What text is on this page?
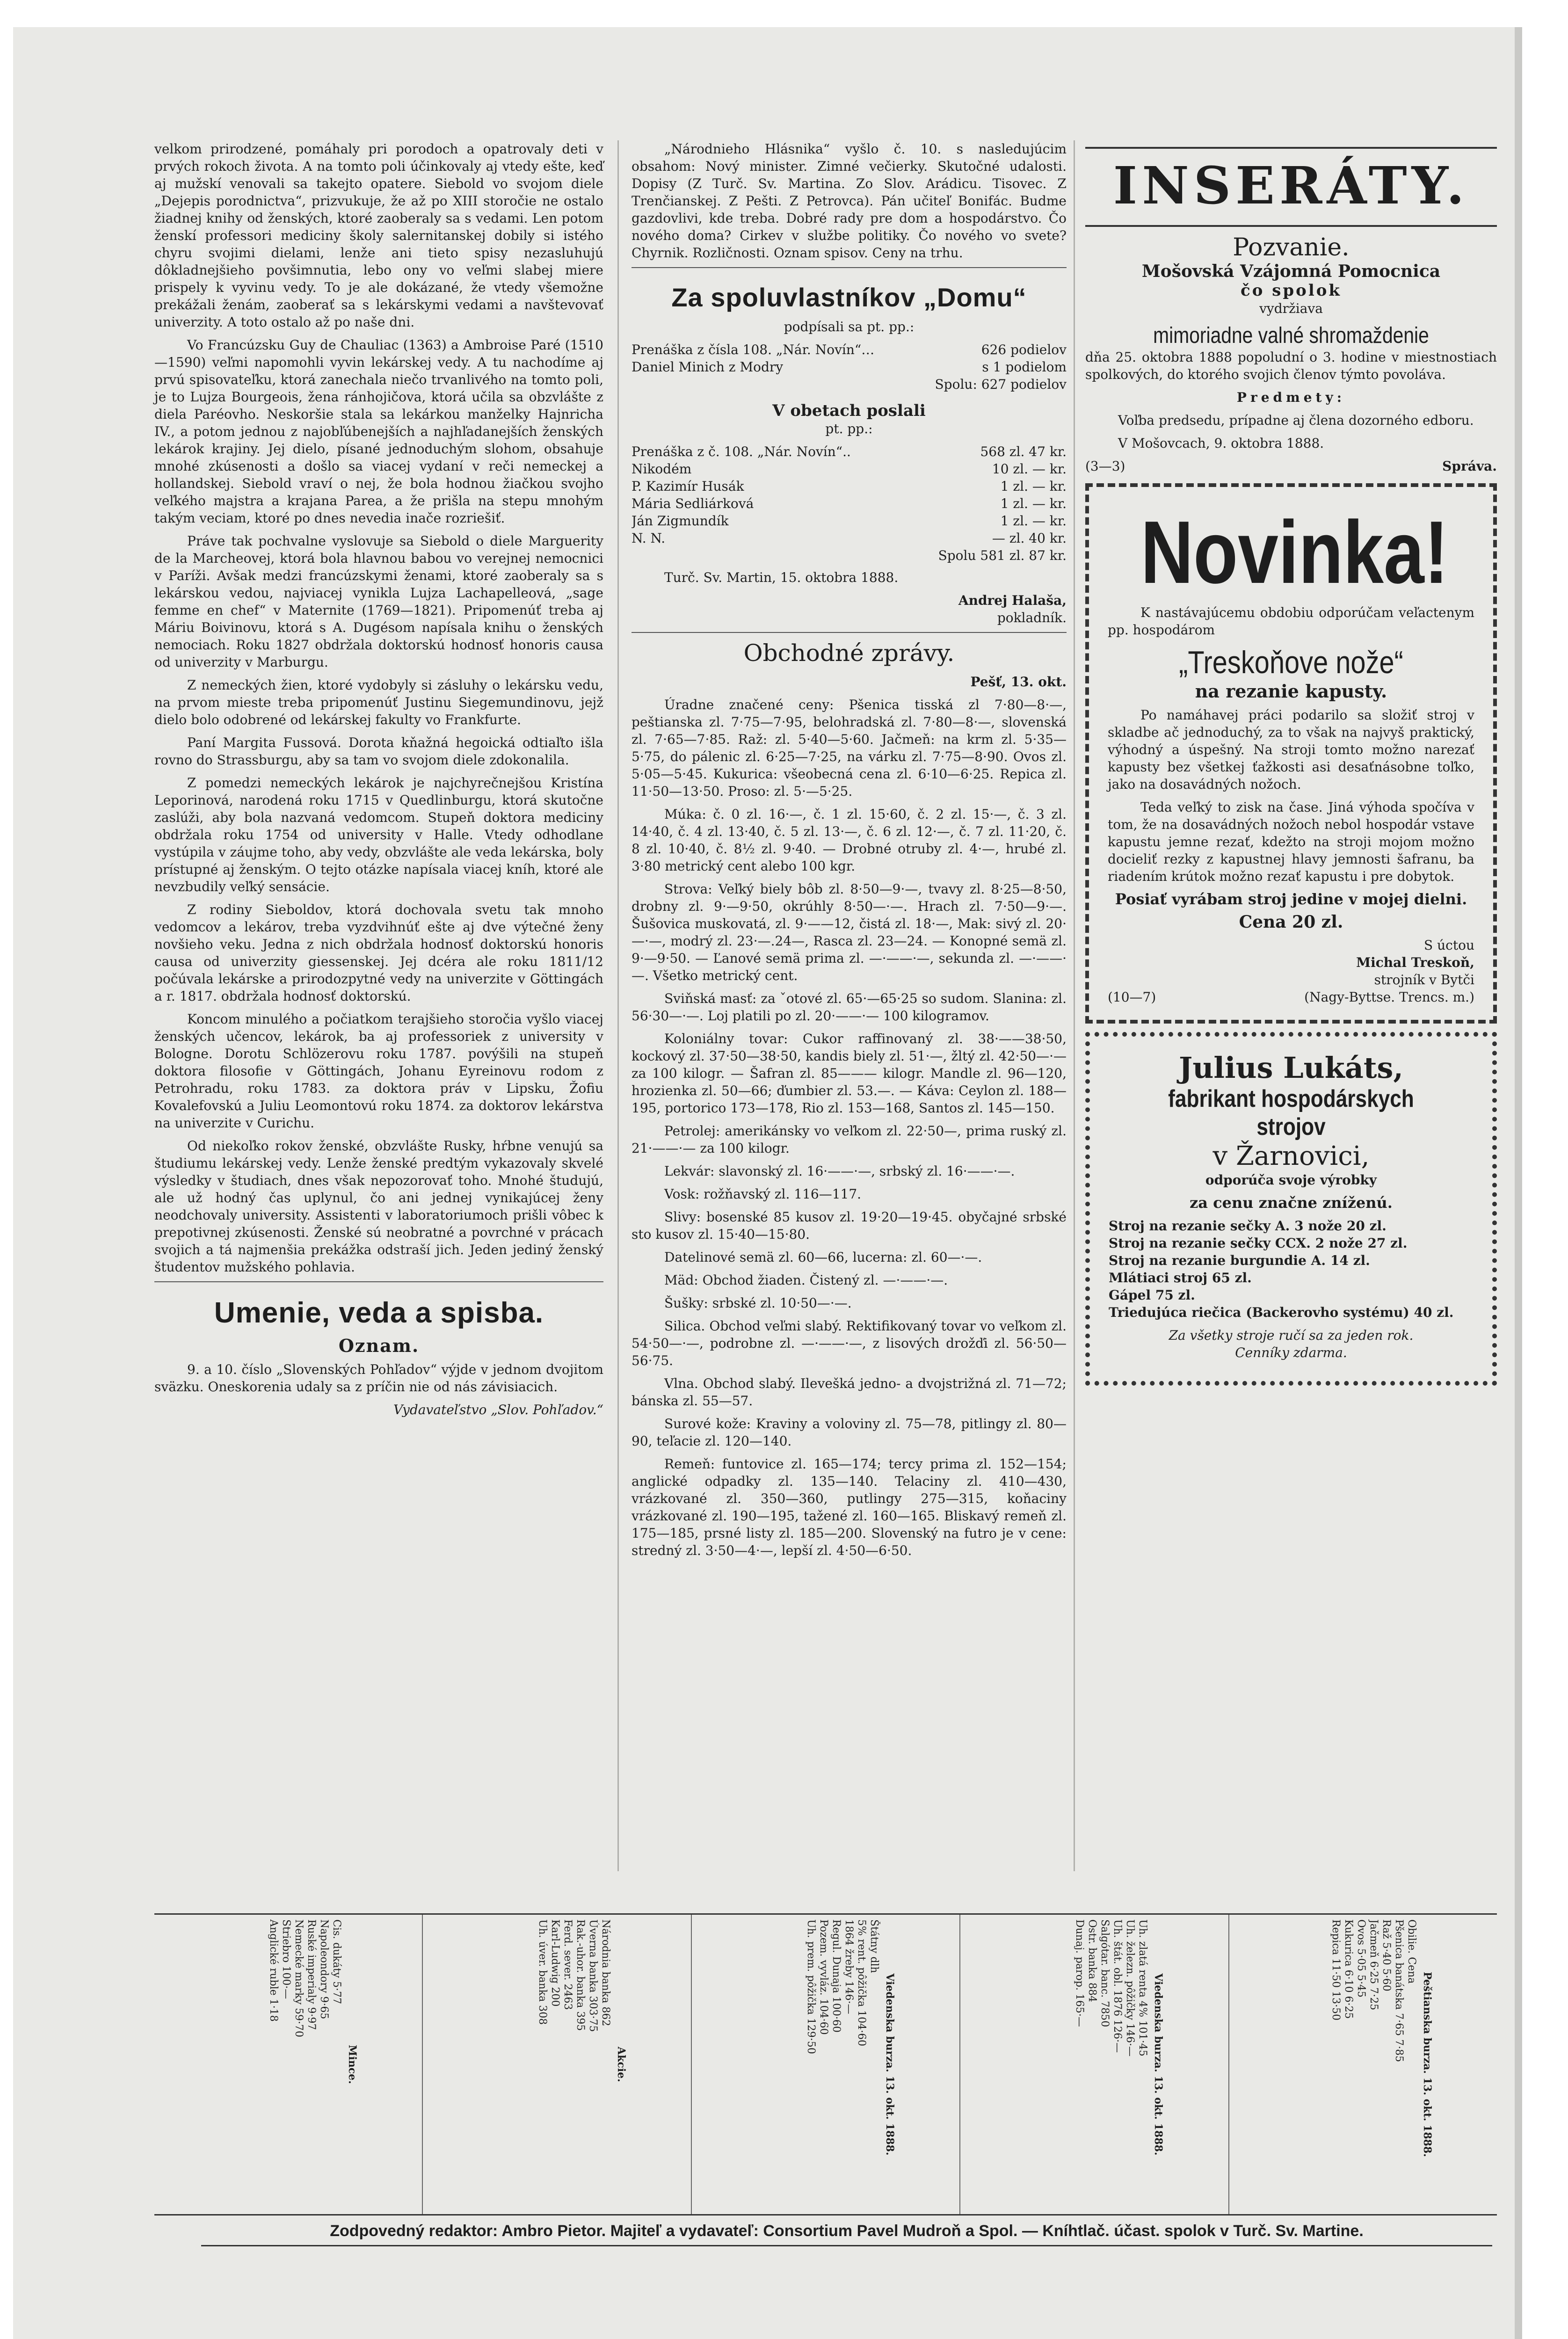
velkom prirodzené, pomáhaly pri porodoch a opatrovaly deti v prvých rokoch života. A na tomto poli účinkovaly aj vtedy ešte, keď aj mužskí venovali sa takejto opatere. Siebold vo svojom diele „Dejepis porodnictva“, prizvukuje, že až po XIII storočie ne ostalo žiadnej knihy od ženských, ktoré zaoberaly sa s vedami. Len potom ženskí professori mediciny školy salernitanskej dobily si istého chyru svojimi dielami, lenže ani tieto spisy nezasluhujú dôkladnejšieho povšimnutia, lebo ony vo veľmi slabej miere prispely k vyvinu vedy. To je ale dokázané, že vtedy všemožne prekážali ženám, zaoberať sa s lekárskymi vedami a navštevovať univerzity. A toto ostalo až po naše dni.

Vo Francúzsku Guy de Chauliac (1363) a Ambroise Paré (1510—1590) veľmi napomohli vyvin lekárskej vedy. A tu nachodíme aj prvú spisovateľku, ktorá zanechala niečo trvanlivého na tomto poli, je to Lujza Bourgeois, žena ránhojičova, ktorá učila sa obzvlášte z diela Paréovho. Neskoršie stala sa lekárkou manželky Hajnricha IV., a potom jednou z najobľúbenejších a najhľadanejších ženských lekárok krajiny. Jej dielo, písané jednoduchým slohom, obsahuje mnohé zkúsenosti a došlo sa viacej vydaní v reči nemeckej a hollandskej. Siebold vraví o nej, že bola hodnou žiačkou svojho veľkého majstra a krajana Parea, a že prišla na stepu mnohým takým veciam, ktoré po dnes nevedia inače rozriešiť.

Práve tak pochvalne vyslovuje sa Siebold o diele Marguerity de la Marcheovej, ktorá bola hlavnou babou vo verejnej nemocnici v Paríži. Avšak medzi francúzskymi ženami, ktoré zaoberaly sa s lekárskou vedou, najviacej vynikla Lujza Lachapelleová, „sage femme en chef“ v Maternite (1769—1821). Pripomenúť treba aj Máriu Boivinovu, ktorá s A. Dugésom napísala knihu o ženských nemociach. Roku 1827 obdržala doktorskú hodnosť honoris causa od univerzity v Marburgu.

Z nemeckých žien, ktoré vydobyly si zásluhy o lekársku vedu, na prvom mieste treba pripomenúť Justinu Siegemundinovu, jejž dielo bolo odobrené od lekárskej fakulty vo Frankfurte.

Paní Margita Fussová. Dorota kňažná hegoická odtiaľto išla rovno do Strassburgu, aby sa tam vo svojom diele zdokonalila.

Z pomedzi nemeckých lekárok je najchyrečnejšou Kristína Leporinová, narodená roku 1715 v Quedlinburgu, ktorá skutočne zaslúži, aby bola nazvaná vedomcom. Stupeň doktora mediciny obdržala roku 1754 od university v Halle. Vtedy odhodlane vystúpila v záujme toho, aby vedy, obzvlášte ale veda lekárska, boly prístupné aj ženským. O tejto otázke napísala viacej kníh, ktoré ale nevzbudily veľký sensácie.

Z rodiny Sieboldov, ktorá dochovala svetu tak mnoho vedomcov a lekárov, treba vyzdvihnúť ešte aj dve výtečné ženy novšieho veku. Jedna z nich obdržala hodnosť doktorskú honoris causa od univerzity giessenskej. Jej dcéra ale roku 1811/12 počúvala lekárske a prirodozpytné vedy na univerzite v Göttingách a r. 1817. obdržala hodnosť doktorskú.

Koncom minulého a počiatkom terajšieho storočia vyšlo viacej ženských učencov, lekárok, ba aj professoriek z university v Bologne. Dorotu Schlözerovu roku 1787. povýšili na stupeň doktora filosofie v Göttingách, Johanu Eyreinovu rodom z Petrohradu, roku 1783. za doktora práv v Lipsku, Žofiu Kovalefovskú a Juliu Leomontovú roku 1874. za doktorov lekárstva na univerzite v Curichu.

Od niekoľko rokov ženské, obzvlášte Rusky, hŕbne venujú sa študiumu lekárskej vedy. Lenže ženské predtým vykazovaly skvelé výsledky v študiach, dnes však nepozorovať toho. Mnohé študujú, ale už hodný čas uplynul, čo ani jednej vynikajúcej ženy neodchovaly university. Assistenti v laboratoriumoch prišli vôbec k prepotivnej zkúsenosti. Ženské sú neobratné a povrchné v prácach svojich a tá najmenšia prekážka odstraší jich. Jeden jediný ženský študentov mužského pohlavia.

Umenie, veda a spisba.
Oznam.

9. a 10. číslo „Slovenských Pohľadov“ výjde v jednom dvojitom sväzku. Oneskorenia udaly sa z príčin nie od nás závisiacich.

Vydavateľstvo „Slov. Pohľadov.“

„Národnieho Hlásnika“ vyšlo č. 10. s nasledujúcim obsahom: Nový minister. Zimné večierky. Skutočné udalosti. Dopisy (Z Turč. Sv. Martina. Zo Slov. Arádicu. Tisovec. Z Trenčianskej. Z Pešti. Z Petrovca). Pán učiteľ Bonifác. Budme gazdovlivi, kde treba. Dobré rady pre dom a hospodárstvo. Čo nového doma? Cirkev v službe politiky. Čo nového vo svete? Chyrnik. Rozličnosti. Oznam spisov. Ceny na trhu.

Za spoluvlastníkov „Domu“

podpísali sa pt. pp.:

Prenáška z čísla 108. „Nár. Novín“…	626 podielov
Daniel Minich z Modry	s 1 podielom
Spolu: 627 podielov
V obetach poslali

pt. pp.:

Prenáška z č. 108. „Nár. Novín“..	568 zl. 47 kr.
Nikodém	10 zl. — kr.
P. Kazimír Husák	1 zl. — kr.
Mária Sedliárková	1 zl. — kr.
Ján Zigmundík	1 zl. — kr.
N. N.	— zl. 40 kr.
Spolu 581 zl. 87 kr.

Turč. Sv. Martin, 15. oktobra 1888.

Andrej Halaša,

pokladník.

Obchodné zprávy.

Pešť, 13. okt.

Úradne značené ceny: Pšenica tisská zl 7·80—8·—, peštianska zl. 7·75—7·95, belohradská zl. 7·80—8·—, slovenská zl. 7·65—7·85. Raž: zl. 5·40—5·60. Jačmeň: na krm zl. 5·35—5·75, do pálenic zl. 6·25—7·25, na várku zl. 7·75—8·90. Ovos zl. 5·05—5·45. Kukurica: všeobecná cena zl. 6·10—6·25. Repica zl. 11·50—13·50. Proso: zl. 5·—5·25.

Múka: č. 0 zl. 16·—, č. 1 zl. 15·60, č. 2 zl. 15·—, č. 3 zl. 14·40, č. 4 zl. 13·40, č. 5 zl. 13·—, č. 6 zl. 12·—, č. 7 zl. 11·20, č. 8 zl. 10·40, č. 8½ zl. 9·40. — Drobné otruby zl. 4·—, hrubé zl. 3·80 metrický cent alebo 100 kgr.

Strova: Veľký biely bôb zl. 8·50—9·—, tvavy zl. 8·25—8·50, drobny zl. 9·—9·50, okrúhly 8·50—·—. Hrach zl. 7·50—9·—. Šušovica muskovatá, zl. 9·——12, čistá zl. 18·—, Mak: sivý zl. 20·—·—, modrý zl. 23·—.24—, Rasca zl. 23—24. — Konopné semä zl. 9·—9·50. — Ľanové semä prima zl. —·——·—, sekunda zl. —·——·—. Všetko metrický cent.

Sviňská masť: za ˇotové zl. 65·—65·25 so sudom. Slanina: zl. 56·30—·—. Loj platili po zl. 20·——·— 100 kilogramov.

Koloniálny tovar: Cukor raffinovaný zl. 38·——38·50, kockový zl. 37·50—38·50, kandis biely zl. 51·—, žltý zl. 42·50—·— za 100 kilogr. — Šafran zl. 85——— kilogr. Mandle zl. 96—120, hrozienka zl. 50—66; ďumbier zl. 53.—. — Káva: Ceylon zl. 188—195, portorico 173—178, Rio zl. 153—168, Santos zl. 145—150.

Petrolej: amerikánsky vo veľkom zl. 22·50—, prima ruský zl. 21·——·— za 100 kilogr.

Lekvár: slavonský zl. 16·——·—, srbský zl. 16·——·—.

Vosk: rožňavský zl. 116—117.

Slivy: bosenské 85 kusov zl. 19·20—19·45. obyčajné srbské sto kusov zl. 15·40—15·80.

Datelinové semä zl. 60—66, lucerna: zl. 60—·—.

Mäd: Obchod žiaden. Čistený zl. —·——·—.

Šušky: srbské zl. 10·50—·—.

Silica. Obchod veľmi slabý. Rektifikovaný tovar vo veľkom zl. 54·50—·—, podrobne zl. —·——·—, z lisových drožďi zl. 56·50—56·75.

Vlna. Obchod slabý. Ilevešká jedno- a dvojstrižná zl. 71—72; bánska zl. 55—57.

Surové kože: Kraviny a voloviny zl. 75—78, pitlingy zl. 80—90, teľacie zl. 120—140.

Remeň: funtovice zl. 165—174; tercy prima zl. 152—154; anglické odpadky zl. 135—140. Telaciny zl. 410—430, vrázkované zl. 350—360, putlingy 275—315, koňaciny vrázkované zl. 190—195, tažené zl. 160—165. Bliskavý remeň zl. 175—185, prsné listy zl. 185—200. Slovenský na futro je v cene: stredný zl. 3·50—4·—, lepší zl. 4·50—6·50.

INSERÁTY.
Pozvanie.
Mošovská Vzájomná Pomocnica
čo spolok

vydržiava

mimoriadne valné shromaždenie

dňa 25. oktobra 1888 popoludní o 3. hodine v miestnostiach spolkových, do ktorého svojich členov týmto povoláva.

Predmety:

Voľba predsedu, prípadne aj člena dozorného edboru.

V Mošovcach, 9. oktobra 1888.

(3—3)	Správa.
Novinka!

K nastávajúcemu obdobiu odporúčam veľactenym pp. hospodárom

„Treskoňove nože“
na rezanie kapusty.

Po namáhavej práci podarilo sa složiť stroj v skladbe ač jednoduchý, za to však na najvyš praktický, výhodný a úspešný. Na stroji tomto možno narezať kapusty bez všetkej ťažkosti asi desaťnásobne toľko, jako na dosavádných nožoch.

Teda veľký to zisk na čase. Jiná výhoda spočíva v tom, že na dosavádných nožoch nebol hospodár vstave kapustu jemne rezať, kdežto na stroji mojom možno docieliť rezky z kapustnej hlavy jemnosti šafranu, ba riadením krútok možno rezať kapustu i pre dobytok.

Posiať vyrábam stroj jedine v mojej dielni.

Cena 20 zl.

S úctou

Michal Treskoň,

strojník v Bytči

(10—7)	(Nagy-Byttse. Trencs. m.)
Julius Lukáts,
fabrikant hospodárskych strojov
v Žarnovici,

odporúča svoje výrobky

za cenu značne zníženú.

Stroj na rezanie sečky A. 3 nože 20 zl.

Stroj na rezanie sečky CCX. 2 nože 27 zl.

Stroj na rezanie burgundie A. 14 zl.

Mlátiaci stroj 65 zl.

Gápel 75 zl.

Triedujúca riečica (Backerovho systému) 40 zl.

Za všetky stroje ručí sa za jeden rok.

Cenníky zdarma.

Mince.
Cis. dukáty 5·77
Napoleondory 9·65
Ruské imperialy 9·97
Nemecké marky 59·70
Striebro 100·—
Anglické ruble 1·18
Akcie.
Národnia banka 862
Úverna banka 303·75
Rak.-uhor. banka 395
Ferd. sever. 2463
Karl-Ludwig 200
Uh. úver. banka 308
Viedenska burza. 13. okt. 1888.
Štátny dlh
5% rent. pôžička 104·60
1864 žreby 146·—
Regul. Dunaja 100·60
Pozem. vyvláz. 104·60
Uh. prem. pôžička 129·50	Viedenska burza. 13. okt. 1888.
Uh. zlatá renta 4% 101·45
Uh. železn. pôžičky 146·—
Uh. štát. obl. 1876 126·—
Salgótar. banc. 7850
Ostr. banka 884
Dunaj. parop. 165·—	Peštianska burza. 13. okt. 1888.
Obilie. Cena
Pšenica banátska 7·65 7·85
Raž 5·40 5·60
Jačmeň 6·25 7·25
Ovos 5·05 5·45
Kukurica 6·10 6·25
Repica 11·50 13·50
Zodpovedný redaktor: Ambro Pietor. Majiteľ a vydavateľ: Consortium Pavel Mudroň a Spol. — Kníhtlač. účast. spolok v Turč. Sv. Martine.
